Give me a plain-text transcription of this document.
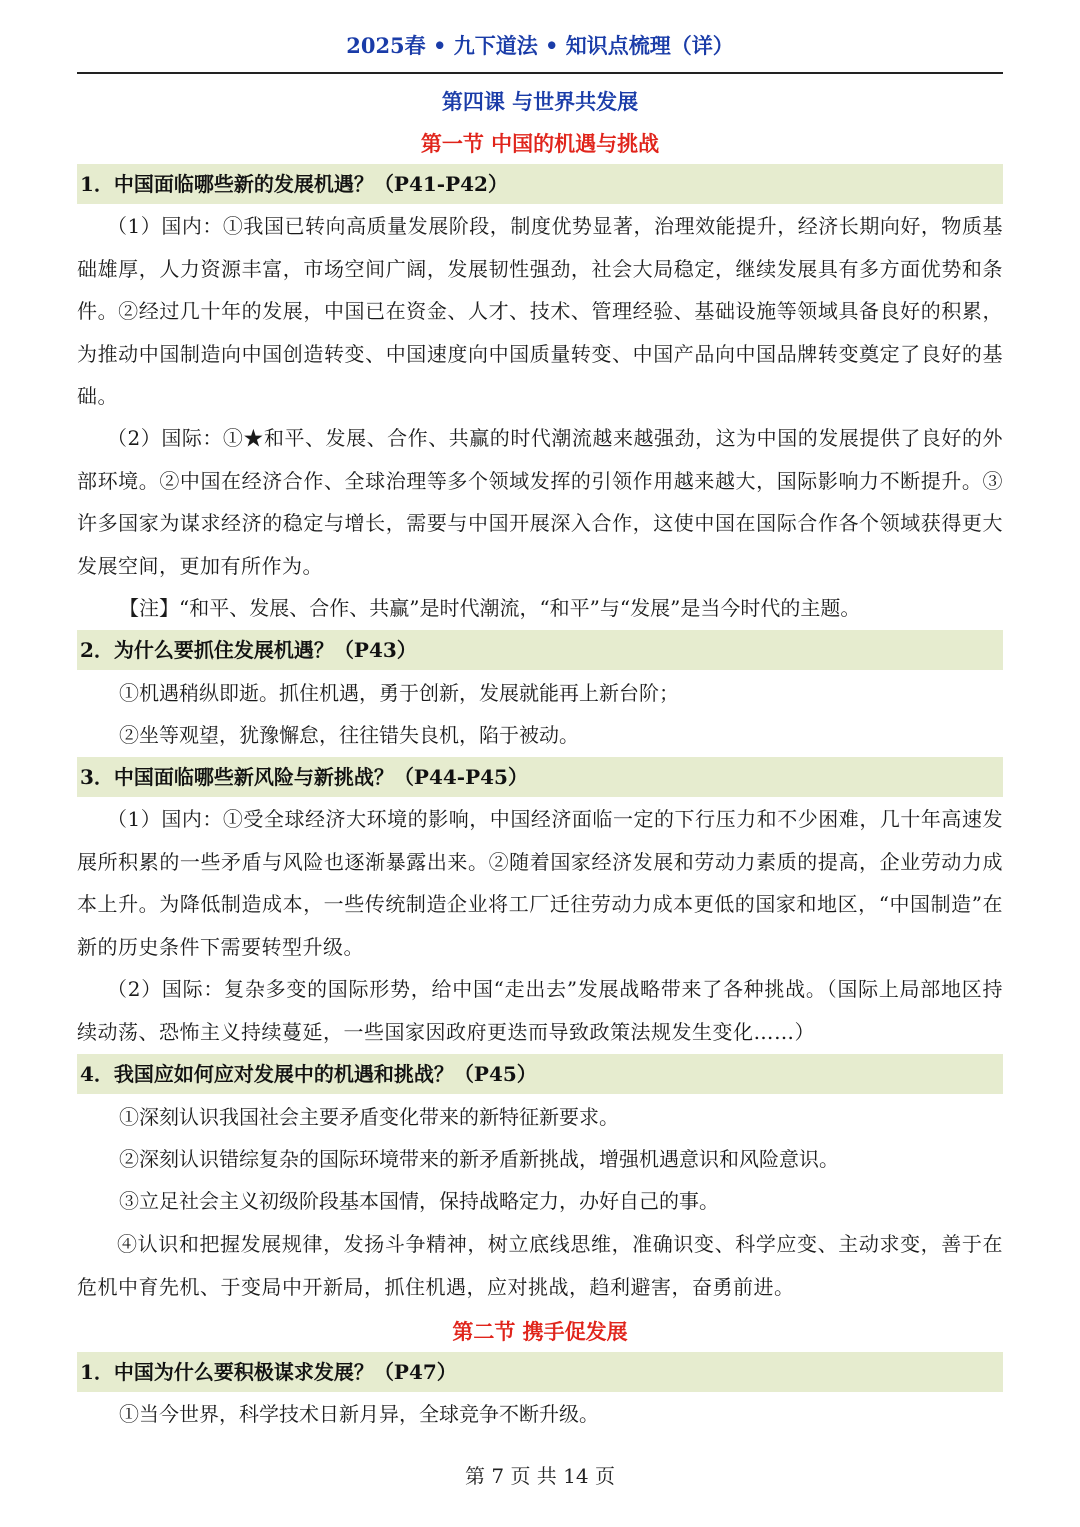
2025春 • 九下道法 • 知识点梳理（详）
第四课 与世界共发展
第一节 中国的机遇与挑战
1．中国面临哪些新的发展机遇？（P41-P42）
（1）国内：①我国已转向高质量发展阶段，制度优势显著，治理效能提升，经济长期向好，物质基础雄厚，人力资源丰富，市场空间广阔，发展韧性强劲，社会大局稳定，继续发展具有多方面优势和条件。②经过几十年的发展，中国已在资金、人才、技术、管理经验、基础设施等领域具备良好的积累，为推动中国制造向中国创造转变、中国速度向中国质量转变、中国产品向中国品牌转变奠定了良好的基础。
（2）国际：①★和平、发展、合作、共赢的时代潮流越来越强劲，这为中国的发展提供了良好的外部环境。②中国在经济合作、全球治理等多个领域发挥的引领作用越来越大，国际影响力不断提升。③许多国家为谋求经济的稳定与增长，需要与中国开展深入合作，这使中国在国际合作各个领域获得更大发展空间，更加有所作为。
【注】“和平、发展、合作、共赢”是时代潮流，“和平”与“发展”是当今时代的主题。
2．为什么要抓住发展机遇？（P43）
①机遇稍纵即逝。抓住机遇，勇于创新，发展就能再上新台阶；
②坐等观望，犹豫懈怠，往往错失良机，陷于被动。
3．中国面临哪些新风险与新挑战？（P44-P45）
（1）国内：①受全球经济大环境的影响，中国经济面临一定的下行压力和不少困难，几十年高速发展所积累的一些矛盾与风险也逐渐暴露出来。②随着国家经济发展和劳动力素质的提高，企业劳动力成本上升。为降低制造成本，一些传统制造企业将工厂迁往劳动力成本更低的国家和地区，“中国制造”在新的历史条件下需要转型升级。
（2）国际：复杂多变的国际形势，给中国“走出去”发展战略带来了各种挑战。（国际上局部地区持续动荡、恐怖主义持续蔓延，一些国家因政府更迭而导致政策法规发生变化……）
4．我国应如何应对发展中的机遇和挑战？（P45）
①深刻认识我国社会主要矛盾变化带来的新特征新要求。
②深刻认识错综复杂的国际环境带来的新矛盾新挑战，增强机遇意识和风险意识。
③立足社会主义初级阶段基本国情，保持战略定力，办好自己的事。
④认识和把握发展规律，发扬斗争精神，树立底线思维，准确识变、科学应变、主动求变，善于在危机中育先机、于变局中开新局，抓住机遇，应对挑战，趋利避害，奋勇前进。
第二节 携手促发展
1．中国为什么要积极谋求发展？（P47）
①当今世界，科学技术日新月异，全球竞争不断升级。
第 7 页 共 14 页
